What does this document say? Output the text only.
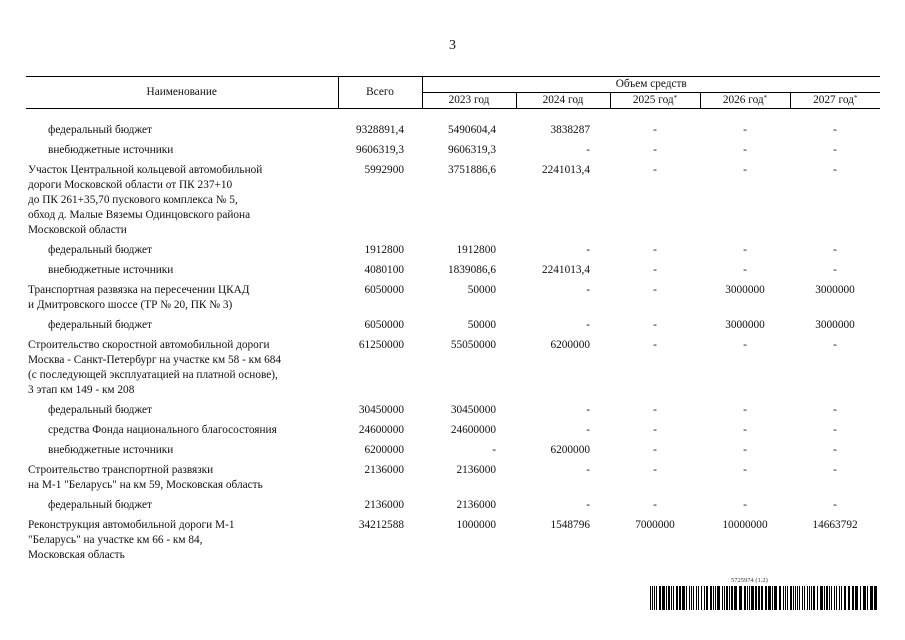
3
Наименование	Всего	Объем средств				
		2023 год	2024 год	2025 год*	2026 год*	2027 год*

федеральный бюджет	9328891,4	5490604,4	3838287	-	-	-
внебюджетные источники	9606319,3	9606319,3	-	-	-	-
Участок Центральной кольцевой автомобильной
дороги Московской области от ПК 237+10
до ПК 261+35,70 пускового комплекса № 5,
обход д. Малые Вяземы Одинцовского района
Московской области	5992900	3751886,6	2241013,4	-	-	-
федеральный бюджет	1912800	1912800	-	-	-	-
внебюджетные источники	4080100	1839086,6	2241013,4	-	-	-
Транспортная развязка на пересечении ЦКАД
и Дмитровского шоссе (ТР № 20, ПК № 3)	6050000	50000	-	-	3000000	3000000
федеральный бюджет	6050000	50000	-	-	3000000	3000000
Строительство скоростной автомобильной дороги
Москва - Санкт-Петербург на участке км 58 - км 684
(с последующей эксплуатацией на платной основе),
3 этап км 149 - км 208	61250000	55050000	6200000	-	-	-
федеральный бюджет	30450000	30450000	-	-	-	-
средства Фонда национального благосостояния	24600000	24600000	-	-	-	-
внебюджетные источники	6200000	-	6200000	-	-	-
Строительство транспортной развязки
на М-1 "Беларусь" на км 59, Московская область	2136000	2136000	-	-	-	-
федеральный бюджет	2136000	2136000	-	-	-	-
Реконструкция автомобильной дороги М-1
"Беларусь" на участке км 66 - км 84,
Московская область	34212588	1000000	1548796	7000000	10000000	14663792
5725974 (1.2)
